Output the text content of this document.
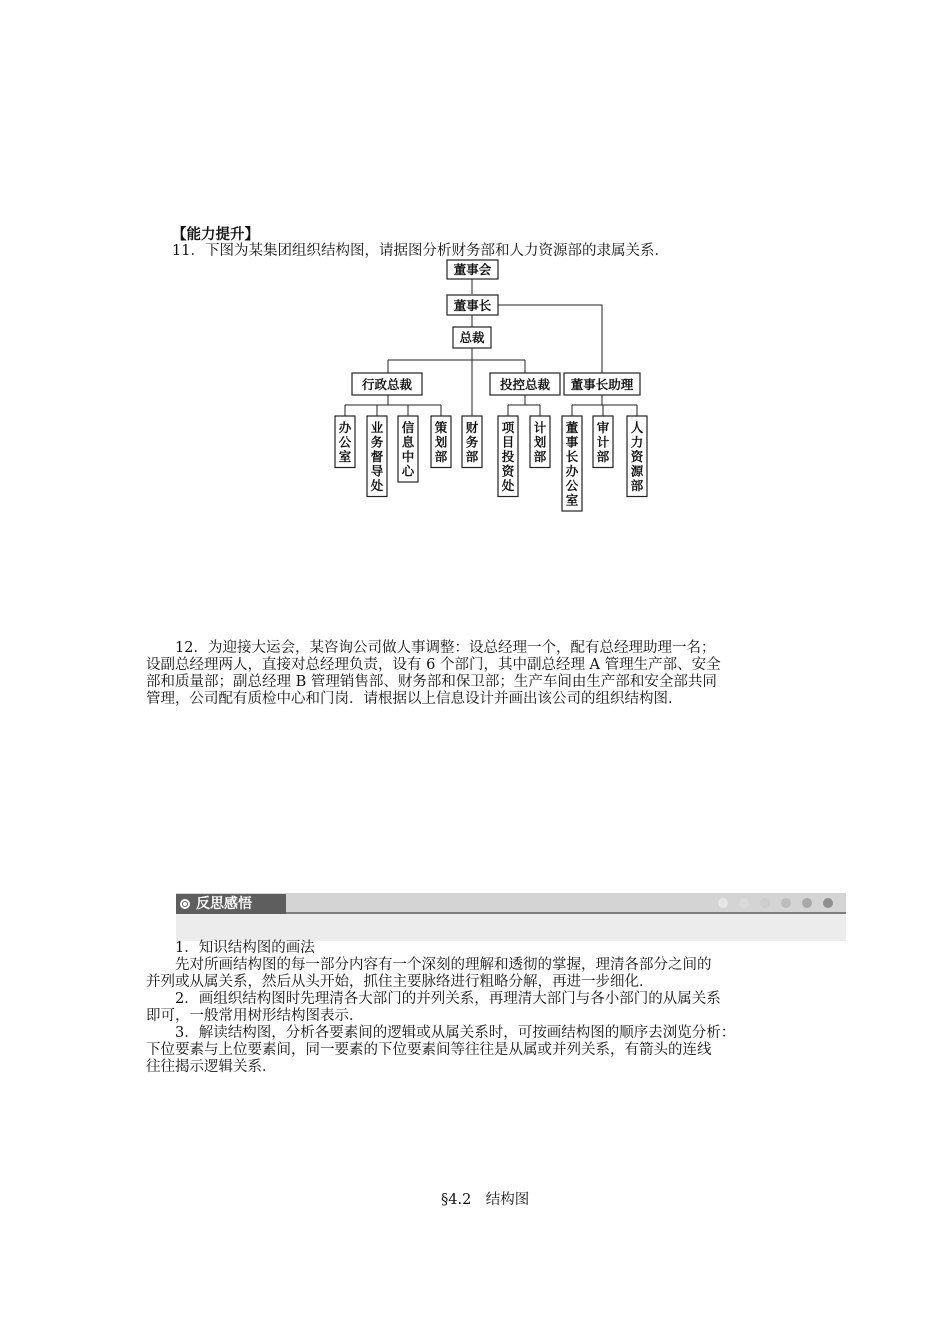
【能力提升】
11．下图为某集团组织结构图，请据图分析财务部和人力资源部的隶属关系．
董事会
董事长
总裁
行政总裁	投控总裁 董事长助理
办公室
业务督导处
信息中心
策划部
财务部
项目投资处
计划部
董事长办公室
审计部
人力资源部
　　12．为迎接大运会，某咨询公司做人事调整：设总经理一个，配有总经理助理一名；
设副总经理两人，直接对总经理负责，设有 6 个部门，其中副总经理 A 管理生产部、安全
部和质量部；副总经理 B 管理销售部、财务部和保卫部；生产车间由生产部和安全部共同
管理，公司配有质检中心和门岗．请根据以上信息设计并画出该公司的组织结构图．
反思感悟
　　1．知识结构图的画法
　　先对所画结构图的每一部分内容有一个深刻的理解和透彻的掌握，理清各部分之间的
并列或从属关系，然后从头开始，抓住主要脉络进行粗略分解，再进一步细化．
　　2．画组织结构图时先理清各大部门的并列关系，再理清大部门与各小部门的从属关系
即可，一般常用树形结构图表示．
　　3．解读结构图，分析各要素间的逻辑或从属关系时，可按画结构图的顺序去浏览分析：
下位要素与上位要素间，同一要素的下位要素间等往往是从属或并列关系，有箭头的连线
往往揭示逻辑关系．
§4.2　结构图
